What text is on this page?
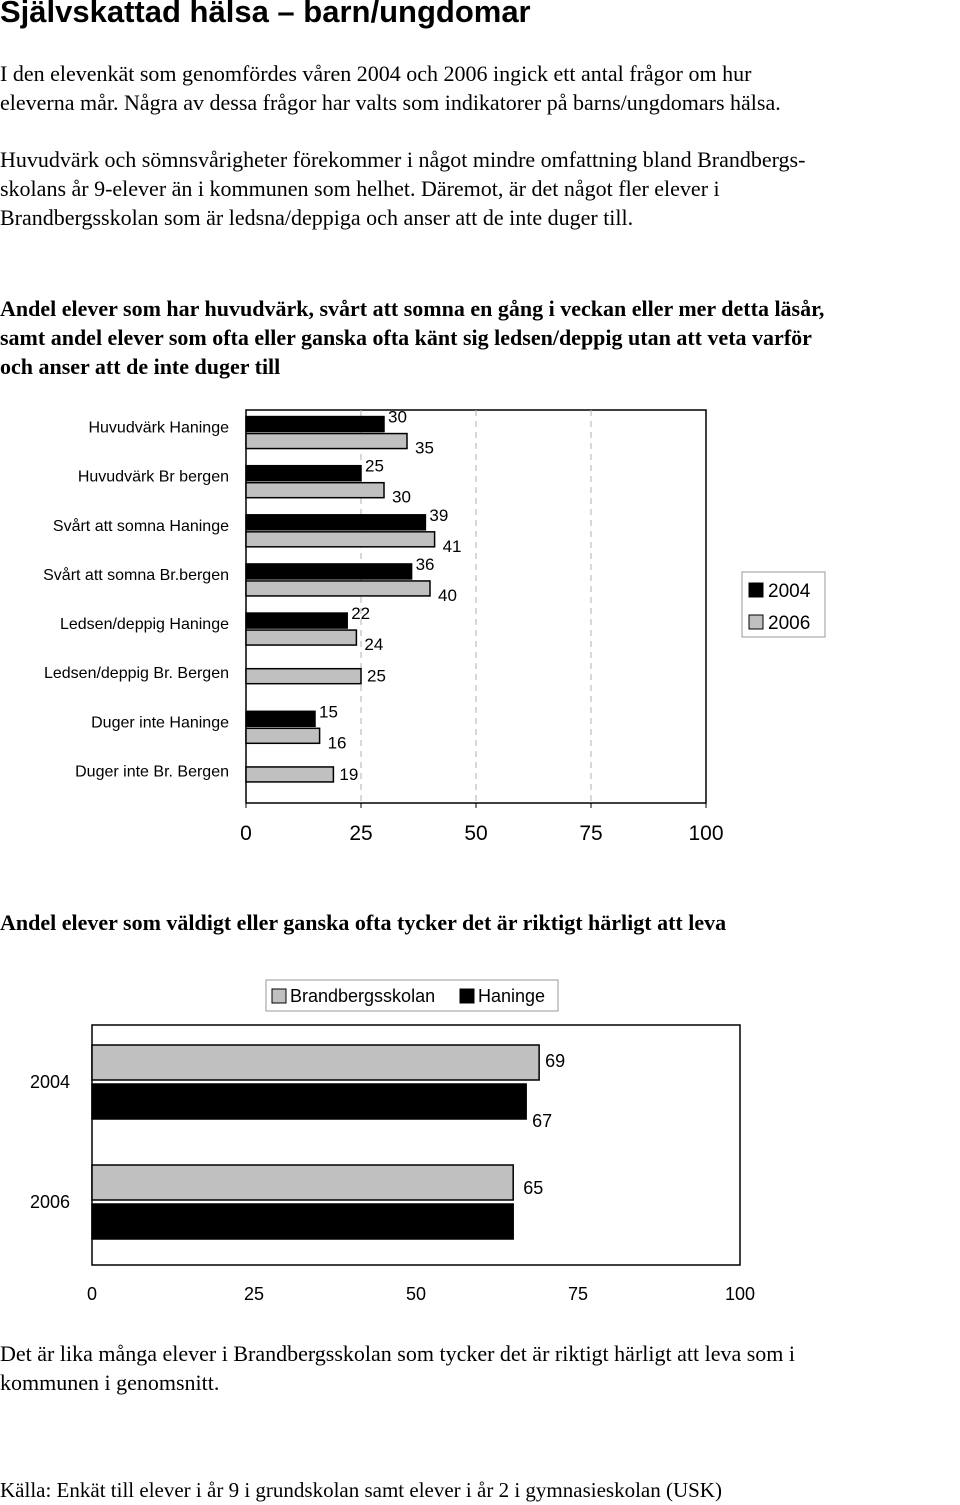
Självskattad hälsa – barn/ungdomar
I den elevenkät som genomfördes våren 2004 och 2006 ingick ett antal frågor om hur
eleverna mår. Några av dessa frågor har valts som indikatorer på barns/ungdomars hälsa.
Huvudvärk och sömnsvårigheter förekommer i något mindre omfattning bland Brandbergs-
skolans år 9-elever än i kommunen som helhet. Däremot, är det något fler elever i
Brandbergsskolan som är ledsna/deppiga och anser att de inte duger till.
Andel elever som har huvudvärk, svårt att somna en gång i veckan eller mer detta läsår,
samt andel elever som ofta eller ganska ofta känt sig ledsen/deppig utan att veta varför
och anser att de inte duger till
0	25	50	75	100
Huvudvärk Haninge
30
35
Huvudvärk Br bergen
25
30
Svårt att somna Haninge
39
41
Svårt att somna Br.bergen
36
40
Ledsen/deppig Haninge
22
24
Ledsen/deppig Br. Bergen	25
Duger inte Haninge
15
16
Duger inte Br. Bergen	19
2004
2006
Andel elever som väldigt eller ganska ofta tycker det är riktigt härligt att leva
0	25	50	75	100
2004
69
67
2006
65
Brandbergsskolan Haninge
Det är lika många elever i Brandbergsskolan som tycker det är riktigt härligt att leva som i
kommunen i genomsnitt.
Källa: Enkät till elever i år 9 i grundskolan samt elever i år 2 i gymnasieskolan (USK)
